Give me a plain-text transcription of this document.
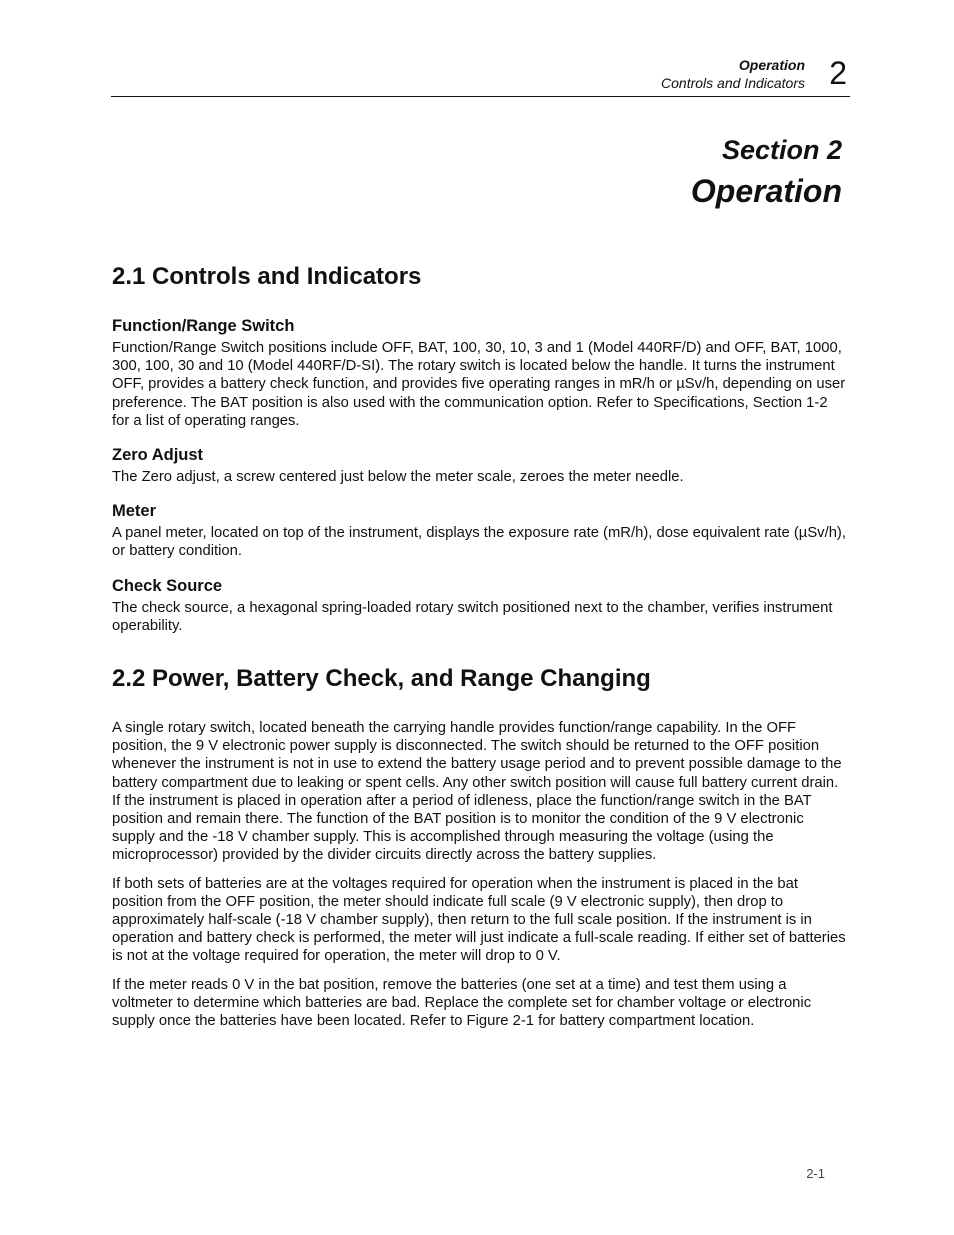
Operation
Controls and Indicators 2
Section 2
Operation
2.1 Controls and Indicators
Function/Range Switch

Function/Range Switch positions include OFF, BAT, 100, 30, 10, 3 and 1 (Model 440RF/D) and OFF, BAT, 1000, 300, 100, 30 and 10 (Model 440RF/D-SI). The rotary switch is located below the handle. It turns the instrument OFF, provides a battery check function, and provides five operating ranges in mR/h or µSv/h, depending on user preference. The BAT position is also used with the communication option. Refer to Specifications, Section 1-2 for a list of operating ranges.

Zero Adjust

The Zero adjust, a screw centered just below the meter scale, zeroes the meter needle.

Meter

A panel meter, located on top of the instrument, displays the exposure rate (mR/h), dose equivalent rate (µSv/h), or battery condition.

Check Source

The check source, a hexagonal spring-loaded rotary switch positioned next to the chamber, verifies instrument operability.

2.2 Power, Battery Check, and Range Changing

A single rotary switch, located beneath the carrying handle provides function/range capability. In the OFF position, the 9 V electronic power supply is disconnected. The switch should be returned to the OFF position whenever the instrument is not in use to extend the battery usage period and to prevent possible damage to the battery compartment due to leaking or spent cells. Any other switch position will cause full battery current drain. If the instrument is placed in operation after a period of idleness, place the function/range switch in the BAT position and remain there. The function of the BAT position is to monitor the condition of the 9 V electronic supply and the -18 V chamber supply. This is accomplished through measuring the voltage (using the microprocessor) provided by the divider circuits directly across the battery supplies.

If both sets of batteries are at the voltages required for operation when the instrument is placed in the bat position from the OFF position, the meter should indicate full scale (9 V electronic supply), then drop to approximately half-scale (-18 V chamber supply), then return to the full scale position. If the instrument is in operation and battery check is performed, the meter will just indicate a full-scale reading. If either set of batteries is not at the voltage required for operation, the meter will drop to 0 V.

If the meter reads 0 V in the bat position, remove the batteries (one set at a time) and test them using a voltmeter to determine which batteries are bad. Replace the complete set for chamber voltage or electronic supply once the batteries have been located. Refer to Figure 2-1 for battery compartment location.

2-1
